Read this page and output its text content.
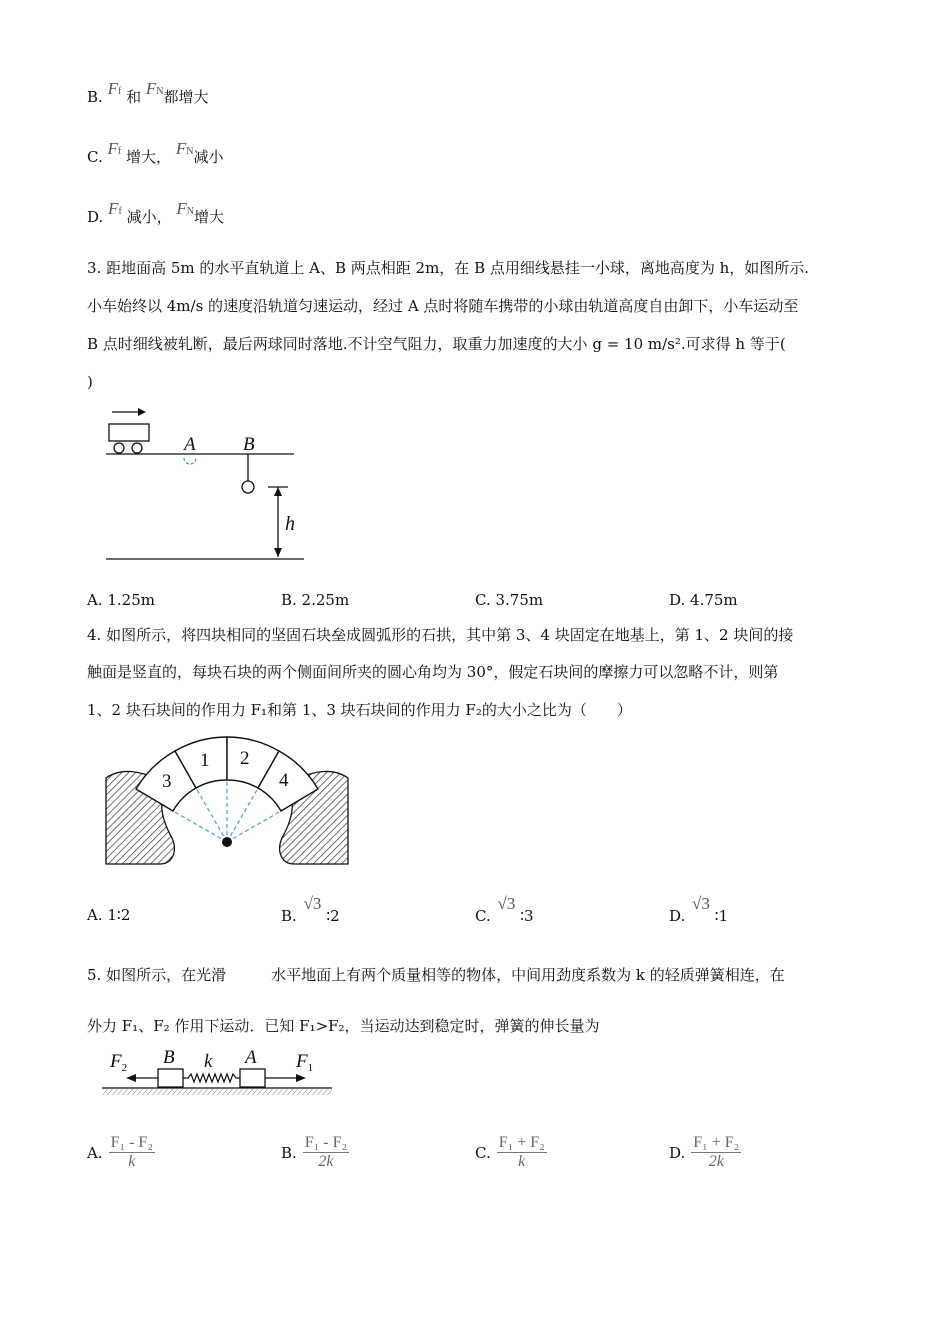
B. Ff 和 FN都增大
C. Ff 增大， FN减小
D. Ff 减小， FN增大
3. 距地面高 5m 的水平直轨道上 A、B 两点相距 2m，在 B 点用细线悬挂一小球，离地高度为 h，如图所示.
小车始终以 4m/s 的速度沿轨道匀速运动，经过 A 点时将随车携带的小球由轨道高度自由卸下，小车运动至
B 点时细线被轧断，最后两球同时落地.不计空气阻力，取重力加速度的大小 g = 10 m/s².可求得 h 等于(
)
A B
h
A. 1.25m	B. 2.25m	C. 3.75m	D. 4.75m
4. 如图所示，将四块相同的坚固石块垒成圆弧形的石拱，其中第 3、4 块固定在地基上，第 1、2 块间的接
触面是竖直的，每块石块的两个侧面间所夹的圆心角均为 30°，假定石块间的摩擦力可以忽略不计，则第
1、2 块石块间的作用力 F₁和第 1、3 块石块间的作用力 F₂的大小之比为（　　）
3
1 2
4
A. 1∶2	B. √3 ∶2	C. √3 ∶3	D. √3 ∶1
5. 如图所示，在光滑　　　水平地面上有两个质量相等的物体，中间用劲度系数为 k 的轻质弹簧相连，在
外力 F₁、F₂ 作用下运动．已知 F₁>F₂，当运动达到稳定时，弹簧的伸长量为
$F_2$ B k A $F_1$
A. $\frac{\text{F₁ - F₂}}{k}$	B. $\frac{\text{F₁ - F₂}}{2k}$	C. $\frac{\text{F₁ + F₂}}{k}$	D. $\frac{\text{F₁ + F₂}}{2k}$
